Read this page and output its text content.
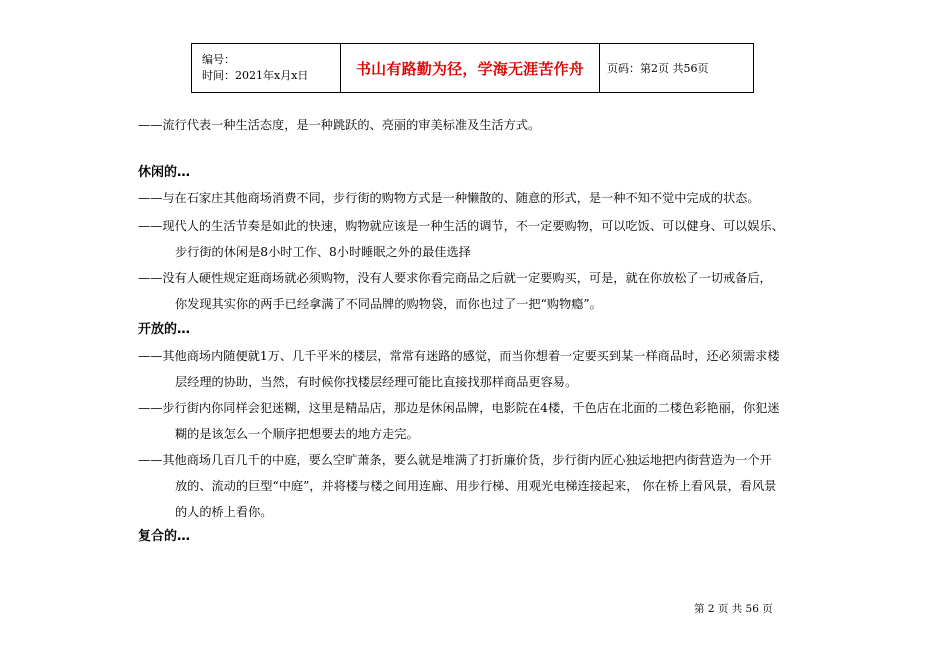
编号：
时间：2021年x月x日	书山有路勤为径，学海无涯苦作舟	页码：第2页 共56页
——流行代表一种生活态度，是一种跳跃的、亮丽的审美标准及生活方式。
休闲的…
——与在石家庄其他商场消费不同，步行街的购物方式是一种懒散的、随意的形式，是一种不知不觉中完成的状态。
——现代人的生活节奏是如此的快速，购物就应该是一种生活的调节，不一定要购物，可以吃饭、可以健身、可以娱乐、
步行街的休闲是8小时工作、8小时睡眠之外的最佳选择
——没有人硬性规定逛商场就必须购物，没有人要求你看完商品之后就一定要购买，可是，就在你放松了一切戒备后，
你发现其实你的两手已经拿满了不同品牌的购物袋，而你也过了一把“购物瘾”。
开放的…
——其他商场内随便就1万、几千平米的楼层，常常有迷路的感觉，而当你想着一定要买到某一样商品时，还必须需求楼
层经理的协助，当然，有时候你找楼层经理可能比直接找那样商品更容易。
——步行街内你同样会犯迷糊，这里是精品店，那边是休闲品牌，电影院在4楼，千色店在北面的二楼色彩艳丽，你犯迷
糊的是该怎么一个顺序把想要去的地方走完。
——其他商场几百几千的中庭，要么空旷萧条，要么就是堆满了打折廉价货，步行街内匠心独运地把内街营造为一个开
放的、流动的巨型“中庭”，并将楼与楼之间用连廊、用步行梯、用观光电梯连接起来， 你在桥上看风景，看风景
的人的桥上看你。
复合的…
第 2 页 共 56 页
